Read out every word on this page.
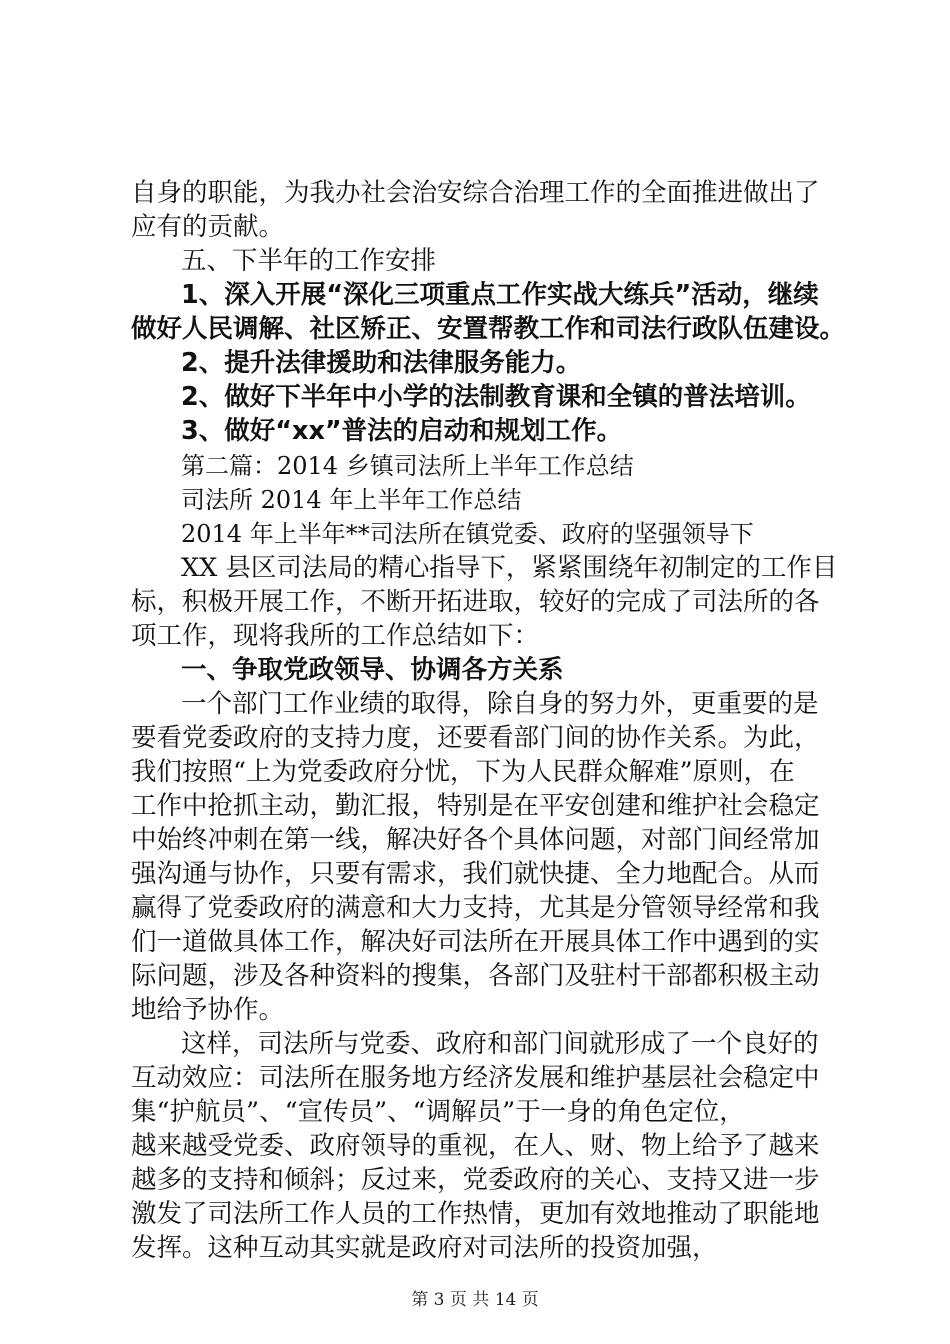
自身的职能，为我办社会治安综合治理工作的全面推进做出了
应有的贡献。
五、下半年的工作安排
1、深入开展“深化三项重点工作实战大练兵”活动，继续
做好人民调解、社区矫正、安置帮教工作和司法行政队伍建设。
2、提升法律援助和法律服务能力。
2、做好下半年中小学的法制教育课和全镇的普法培训。
3、做好“xx”普法的启动和规划工作。
第二篇：2014 乡镇司法所上半年工作总结
司法所 2014 年上半年工作总结
2014 年上半年**司法所在镇党委、政府的坚强领导下
XX 县区司法局的精心指导下，紧紧围绕年初制定的工作目
标，积极开展工作，不断开拓进取，较好的完成了司法所的各
项工作，现将我所的工作总结如下：
一、争取党政领导、协调各方关系
一个部门工作业绩的取得，除自身的努力外，更重要的是
要看党委政府的支持力度，还要看部门间的协作关系。为此，
我们按照“上为党委政府分忧，下为人民群众解难”原则，在
工作中抢抓主动，勤汇报，特别是在平安创建和维护社会稳定
中始终冲刺在第一线，解决好各个具体问题，对部门间经常加
强沟通与协作，只要有需求，我们就快捷、全力地配合。从而
赢得了党委政府的满意和大力支持，尤其是分管领导经常和我
们一道做具体工作，解决好司法所在开展具体工作中遇到的实
际问题，涉及各种资料的搜集，各部门及驻村干部都积极主动
地给予协作。
这样，司法所与党委、政府和部门间就形成了一个良好的
互动效应：司法所在服务地方经济发展和维护基层社会稳定中
集“护航员”、“宣传员”、“调解员”于一身的角色定位，
越来越受党委、政府领导的重视，在人、财、物上给予了越来
越多的支持和倾斜；反过来，党委政府的关心、支持又进一步
激发了司法所工作人员的工作热情，更加有效地推动了职能地
发挥。这种互动其实就是政府对司法所的投资加强，
第 3 页 共 14 页
